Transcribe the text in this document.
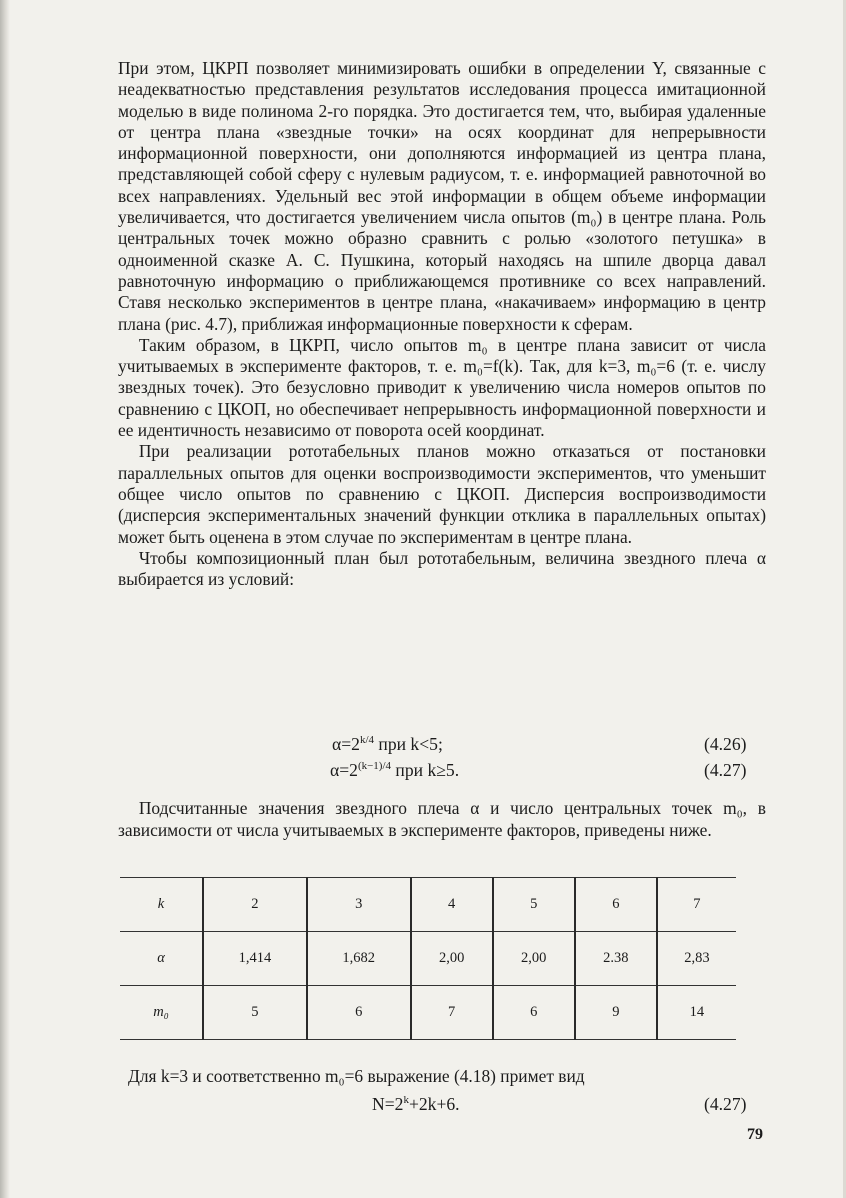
При этом, ЦКРП позволяет минимизировать ошибки в определении Y, связанные с неадекватностью представления результатов исследования процесса имитационной моделью в виде полинома 2-го порядка. Это достигается тем, что, выбирая удаленные от центра плана «звездные точки» на осях координат для непрерывности информационной поверхности, они дополняются информацией из центра плана, представляющей собой сферу с нулевым радиусом, т. е. информацией равноточной во всех направлениях. Удельный вес этой информации в общем объеме информации увеличивается, что достигается увеличением числа опытов (m₀) в центре плана. Роль центральных точек можно образно сравнить с ролью «золотого петушка» в одноименной сказке А. С. Пушкина, который находясь на шпиле дворца давал равноточную информацию о приближающемся противнике со всех направлений. Ставя несколько экспериментов в центре плана, «накачиваем» информацию в центр плана (рис. 4.7), приближая информационные поверхности к сферам.

Таким образом, в ЦКРП, число опытов m₀ в центре плана зависит от числа учитываемых в эксперименте факторов, т. е. m₀=f(k). Так, для k=3, m₀=6 (т. е. числу звездных точек). Это безусловно приводит к увеличению числа номеров опытов по сравнению с ЦКОП, но обеспечивает непрерывность информационной поверхности и ее идентичность независимо от поворота осей координат.

При реализации рототабельных планов можно отказаться от постановки параллельных опытов для оценки воспроизводимости экспериментов, что уменьшит общее число опытов по сравнению с ЦКОП. Дисперсия воспроизводимости (дисперсия экспериментальных значений функции отклика в параллельных опытах) может быть оценена в этом случае по экспериментам в центре плана.

Чтобы композиционный план был рототабельным, величина звездного плеча α выбирается из условий:

$\alpha=2^{k/4}$ при k<5;	(4.26)
$\alpha=2^{(k-1)/4}$ при k≥5.	(4.27)

Подсчитанные значения звездного плеча α и число центральных точек m₀, в зависимости от числа учитываемых в эксперименте факторов, приведены ниже.

k	2	3	4	5	6	7
α	1,414	1,682	2,00	2,00	2.38	2,83
m₀	5	6	7	6	9	14
Для k=3 и соответственно m₀=6 выражение (4.18) примет вид
$N=2^k+2k+6$.	(4.27)
79
